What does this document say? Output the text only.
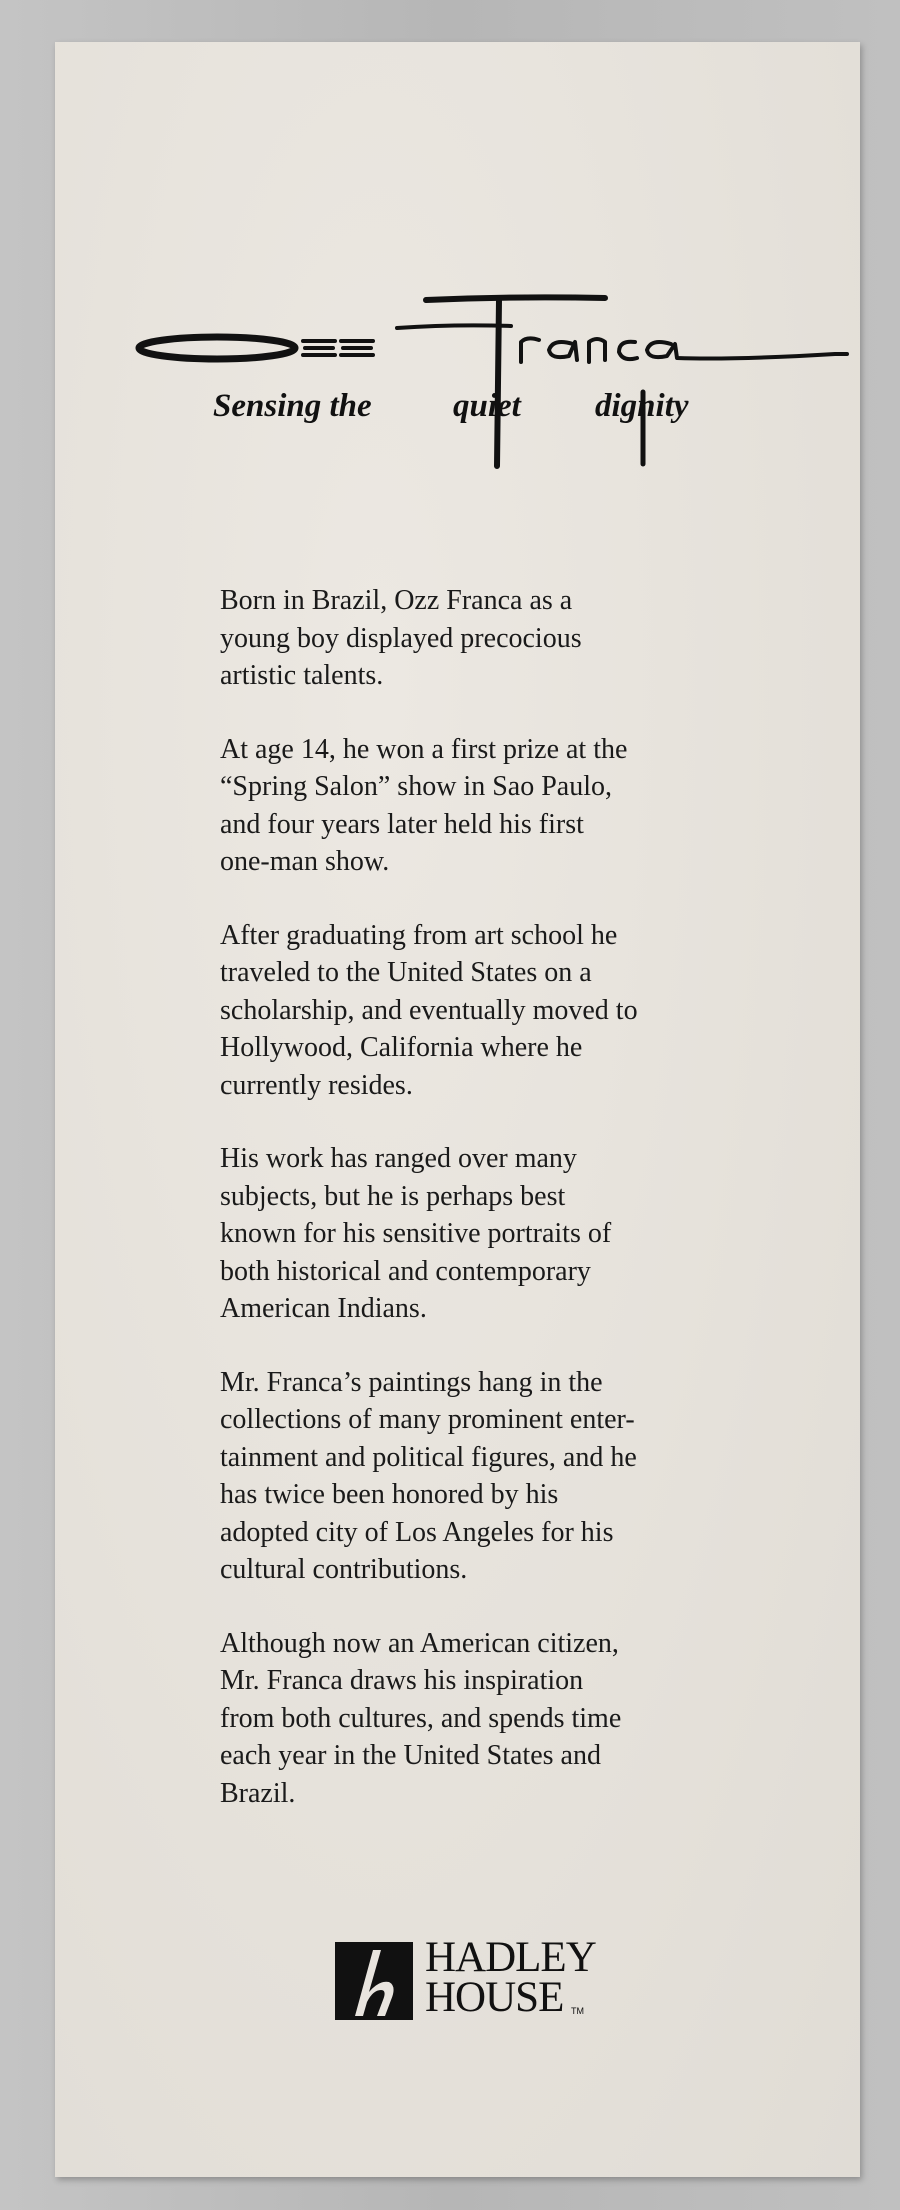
Sensing the quiet dignity

Born in Brazil, Ozz Franca as a
young boy displayed precocious
artistic talents.

At age 14, he won a first prize at the
“Spring Salon” show in Sao Paulo,
and four years later held his first
one-man show.

After graduating from art school he
traveled to the United States on a
scholarship, and eventually moved to
Hollywood, California where he
currently resides.

His work has ranged over many
subjects, but he is perhaps best
known for his sensitive portraits of
both historical and contemporary
American Indians.

Mr. Franca’s paintings hang in the
collections of many prominent enter-
tainment and political figures, and he
has twice been honored by his
adopted city of Los Angeles for his
cultural contributions.

Although now an American citizen,
Mr. Franca draws his inspiration
from both cultures, and spends time
each year in the United States and
Brazil.

HADLEY
HOUSE TM
